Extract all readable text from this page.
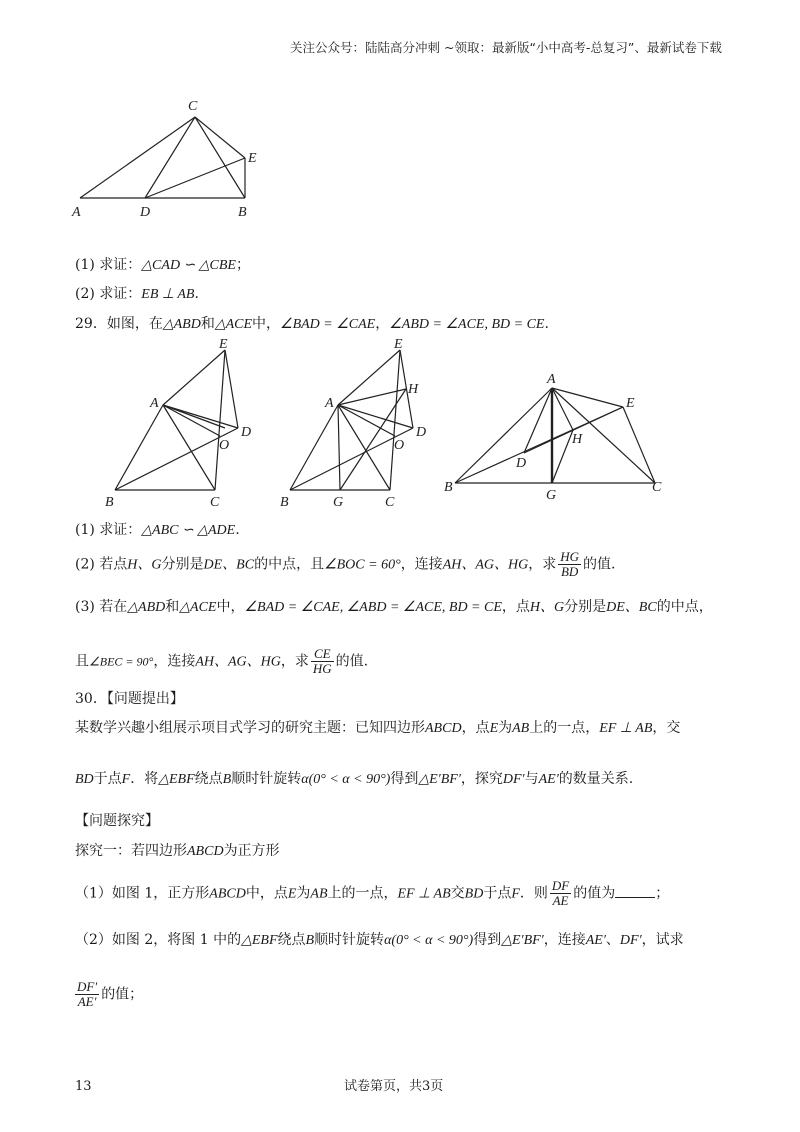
关注公众号：陆陆高分冲刺 ~领取：最新版“小中高考-总复习”、最新试卷下载
C
E
A	D	B
(1) 求证：△CAD ∽ △CBE；
(2) 求证：EB ⊥ AB.
29．如图，在△ABD和△ACE中，∠BAD = ∠CAE，∠ABD = ∠ACE, BD = CE.
E
A
D
O
B	C
E
H
A
D
O
B	G	C
A
E
H
D
B
G
C
(1) 求证：△ABC ∽ △ADE.
(2) 若点H、G分别是DE、BC的中点，且∠BOC = 60°，连接AH、AG、HG，求 $\frac{HG}{BD}$ 的值.
(3) 若在△ABD和△ACE中，∠BAD = ∠CAE, ∠ABD = ∠ACE, BD = CE，点H、G分别是DE、BC的中点，
且∠BEC = 90°，连接AH、AG、HG，求 $\frac{CE}{HG}$ 的值.
30．【问题提出】
某数学兴趣小组展示项目式学习的研究主题：已知四边形ABCD，点E为AB上的一点，EF ⊥ AB，交
BD于点F．将△EBF绕点B顺时针旋转α(0° < α < 90°)得到△E′BF′，探究DF′与AE′的数量关系.
【问题探究】
探究一：若四边形ABCD为正方形
（1）如图 1，正方形ABCD中，点E为AB上的一点，EF ⊥ AB交BD于点F．则 $\frac{DF}{AE}$ 的值为	；
（2）如图 2，将图 1 中的△EBF绕点B顺时针旋转α(0° < α < 90°)得到△E′BF′，连接AE′、DF′，试求
$\frac{DF'}{AE'}$ 的值；
13	试卷第页，共3页
